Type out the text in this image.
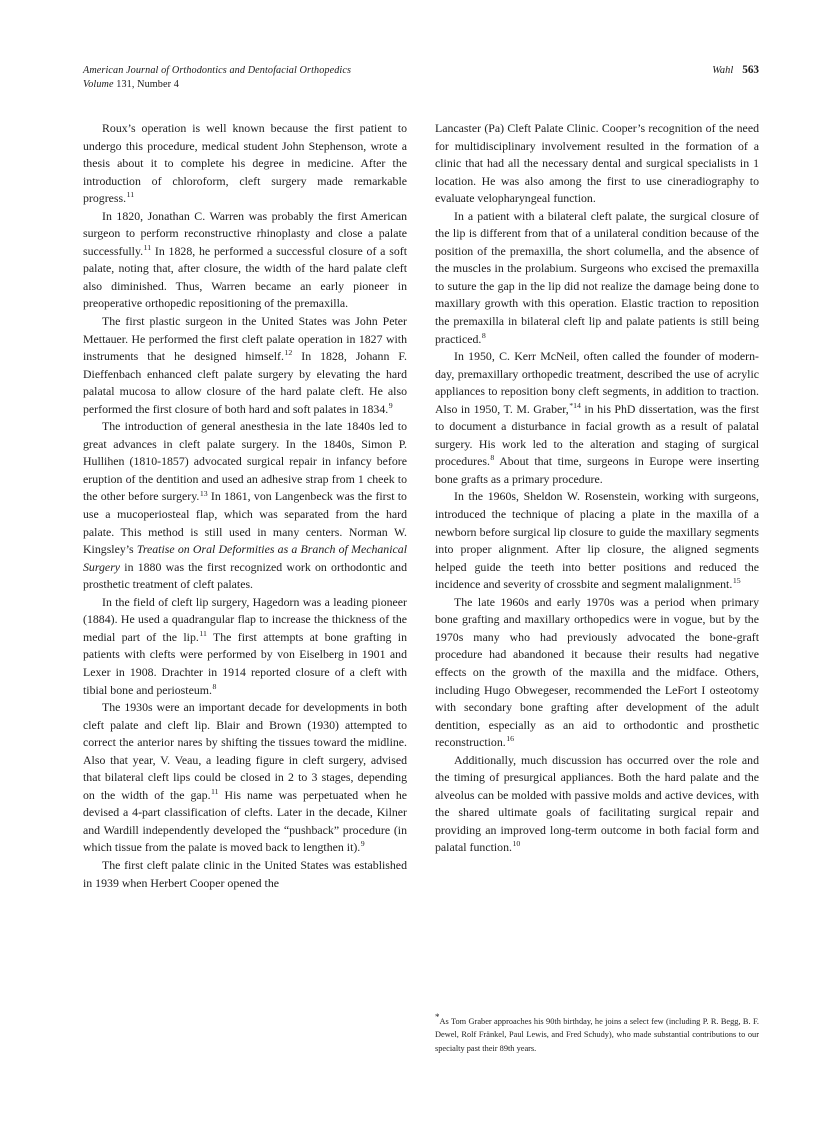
American Journal of Orthodontics and Dentofacial Orthopedics
Volume 131, Number 4
Wahl 563

Roux’s operation is well known because the first patient to undergo this procedure, medical student John Stephenson, wrote a thesis about it to complete his degree in medicine. After the introduction of chloroform, cleft surgery made remarkable progress.$^{11}$

In 1820, Jonathan C. Warren was probably the first American surgeon to perform reconstructive rhinoplasty and close a palate successfully.$^{11}$ In 1828, he performed a successful closure of a soft palate, noting that, after closure, the width of the hard palate cleft also diminished. Thus, Warren became an early pioneer in preoperative orthopedic repositioning of the premaxilla.

The first plastic surgeon in the United States was John Peter Mettauer. He performed the first cleft palate operation in 1827 with instruments that he designed himself.$^{12}$ In 1828, Johann F. Dieffenbach enhanced cleft palate surgery by elevating the hard palatal mucosa to allow closure of the hard palate cleft. He also performed the first closure of both hard and soft palates in 1834.$^9$

The introduction of general anesthesia in the late 1840s led to great advances in cleft palate surgery. In the 1840s, Simon P. Hullihen (1810-1857) advocated surgical repair in infancy before eruption of the dentition and used an adhesive strap from 1 cheek to the other before surgery.$^{13}$ In 1861, von Langenbeck was the first to use a mucoperiosteal flap, which was separated from the hard palate. This method is still used in many centers. Norman W. Kingsley’s Treatise on Oral Deformities as a Branch of Mechanical Surgery in 1880 was the first recognized work on orthodontic and prosthetic treatment of cleft palates.

In the field of cleft lip surgery, Hagedorn was a leading pioneer (1884). He used a quadrangular flap to increase the thickness of the medial part of the lip.$^{11}$ The first attempts at bone grafting in patients with clefts were performed by von Eiselberg in 1901 and Lexer in 1908. Drachter in 1914 reported closure of a cleft with tibial bone and periosteum.$^8$

The 1930s were an important decade for developments in both cleft palate and cleft lip. Blair and Brown (1930) attempted to correct the anterior nares by shifting the tissues toward the midline. Also that year, V. Veau, a leading figure in cleft surgery, advised that bilateral cleft lips could be closed in 2 to 3 stages, depending on the width of the gap.$^{11}$ His name was perpetuated when he devised a 4-part classification of clefts. Later in the decade, Kilner and Wardill independently developed the “pushback” procedure (in which tissue from the palate is moved back to lengthen it).$^9$

The first cleft palate clinic in the United States was established in 1939 when Herbert Cooper opened the

Lancaster (Pa) Cleft Palate Clinic. Cooper’s recognition of the need for multidisciplinary involvement resulted in the formation of a clinic that had all the necessary dental and surgical specialists in 1 location. He was also among the first to use cineradiography to evaluate velopharyngeal function.

In a patient with a bilateral cleft palate, the surgical closure of the lip is different from that of a unilateral condition because of the position of the premaxilla, the short columella, and the absence of the muscles in the prolabium. Surgeons who excised the premaxilla to suture the gap in the lip did not realize the damage being done to maxillary growth with this operation. Elastic traction to reposition the premaxilla in bilateral cleft lip and palate patients is still being practiced.$^8$

In 1950, C. Kerr McNeil, often called the founder of modern-day, premaxillary orthopedic treatment, described the use of acrylic appliances to reposition bony cleft segments, in addition to traction. Also in 1950, T. M. Graber,$^{*14}$ in his PhD dissertation, was the first to document a disturbance in facial growth as a result of palatal surgery. His work led to the alteration and staging of surgical procedures.$^8$ About that time, surgeons in Europe were inserting bone grafts as a primary procedure.

In the 1960s, Sheldon W. Rosenstein, working with surgeons, introduced the technique of placing a plate in the maxilla of a newborn before surgical lip closure to guide the maxillary segments into proper alignment. After lip closure, the aligned segments helped guide the teeth into better positions and reduced the incidence and severity of crossbite and segment malalignment.$^{15}$

The late 1960s and early 1970s was a period when primary bone grafting and maxillary orthopedics were in vogue, but by the 1970s many who had previously advocated the bone-graft procedure had abandoned it because their results had negative effects on the growth of the maxilla and the midface. Others, including Hugo Obwegeser, recommended the LeFort I osteotomy with secondary bone grafting after development of the adult dentition, especially as an aid to orthodontic and prosthetic reconstruction.$^{16}$

Additionally, much discussion has occurred over the role and the timing of presurgical appliances. Both the hard palate and the alveolus can be molded with passive molds and active devices, with the shared ultimate goals of facilitating surgical repair and providing an improved long-term outcome in both facial form and palatal function.$^{10}$

*As Tom Graber approaches his 90th birthday, he joins a select few (including P. R. Begg, B. F. Dewel, Rolf Fränkel, Paul Lewis, and Fred Schudy), who made substantial contributions to our specialty past their 89th years.
